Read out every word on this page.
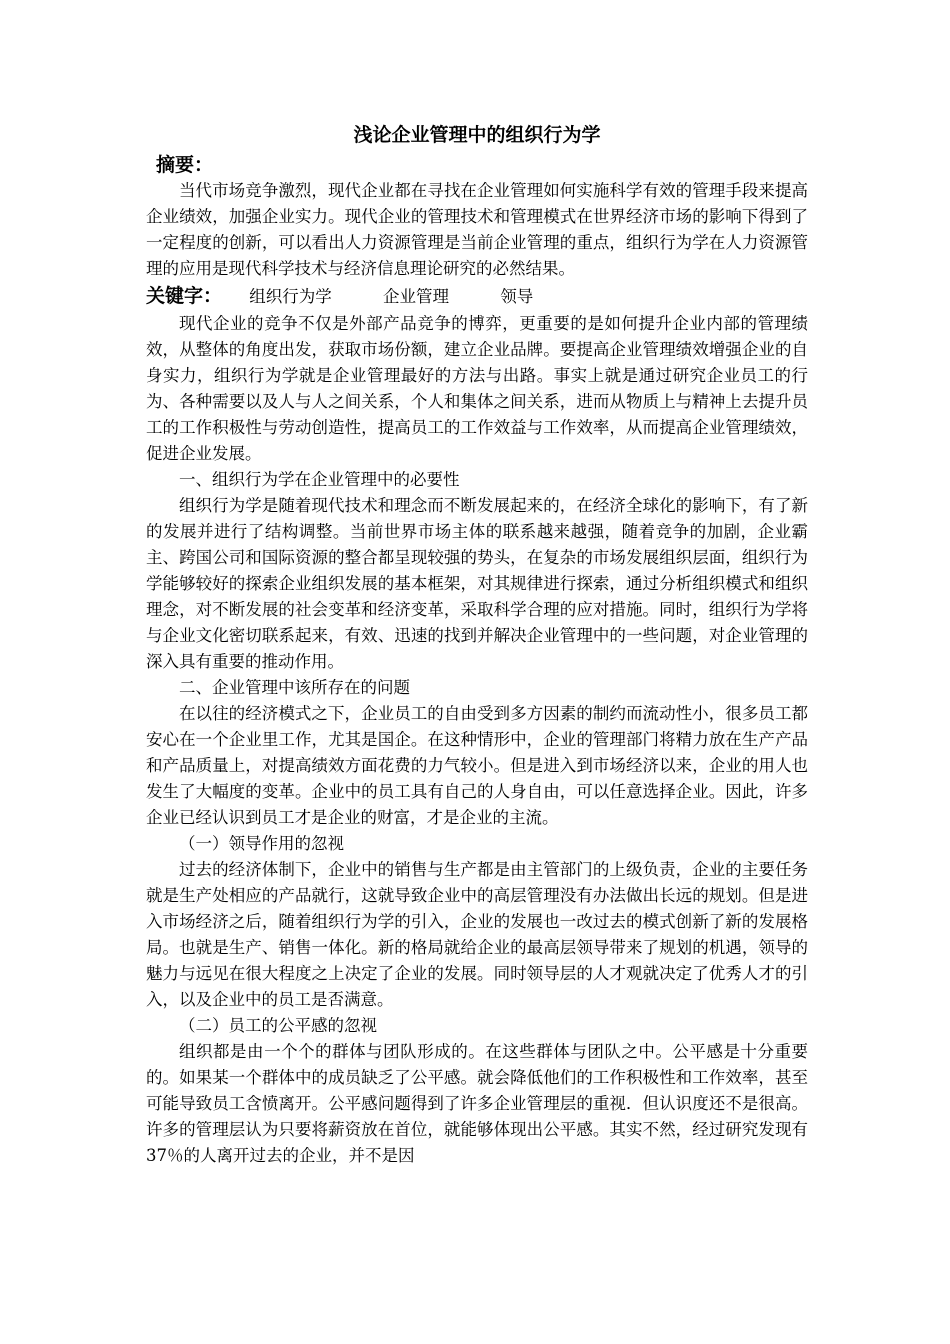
浅论企业管理中的组织行为学
摘要：

当代市场竞争激烈，现代企业都在寻找在企业管理如何实施科学有效的管理手段来提高企业绩效，加强企业实力。现代企业的管理技术和管理模式在世界经济市场的影响下得到了一定程度的创新，可以看出人力资源管理是当前企业管理的重点，组织行为学在人力资源管理的应用是现代科学技术与经济信息理论研究的必然结果。

关键字： 组织行为学	企业管理	领导

现代企业的竞争不仅是外部产品竞争的博弈，更重要的是如何提升企业内部的管理绩效，从整体的角度出发，获取市场份额，建立企业品牌。要提高企业管理绩效增强企业的自身实力，组织行为学就是企业管理最好的方法与出路。事实上就是通过研究企业员工的行为、各种需要以及人与人之间关系，个人和集体之间关系，进而从物质上与精神上去提升员工的工作积极性与劳动创造性，提高员工的工作效益与工作效率，从而提高企业管理绩效，促进企业发展。

一、组织行为学在企业管理中的必要性

组织行为学是随着现代技术和理念而不断发展起来的，在经济全球化的影响下，有了新的发展并进行了结构调整。当前世界市场主体的联系越来越强，随着竞争的加剧，企业霸主、跨国公司和国际资源的整合都呈现较强的势头，在复杂的市场发展组织层面，组织行为学能够较好的探索企业组织发展的基本框架，对其规律进行探索，通过分析组织模式和组织理念，对不断发展的社会变革和经济变革，采取科学合理的应对措施。同时，组织行为学将与企业文化密切联系起来，有效、迅速的找到并解决企业管理中的一些问题，对企业管理的深入具有重要的推动作用。

二、企业管理中该所存在的问题

在以往的经济模式之下，企业员工的自由受到多方因素的制约而流动性小，很多员工都安心在一个企业里工作，尤其是国企。在这种情形中，企业的管理部门将精力放在生产产品和产品质量上，对提高绩效方面花费的力气较小。但是进入到市场经济以来，企业的用人也发生了大幅度的变革。企业中的员工具有自己的人身自由，可以任意选择企业。因此，许多企业已经认识到员工才是企业的财富，才是企业的主流。

（一）领导作用的忽视

过去的经济体制下，企业中的销售与生产都是由主管部门的上级负责，企业的主要任务就是生产处相应的产品就行，这就导致企业中的高层管理没有办法做出长远的规划。但是进入市场经济之后，随着组织行为学的引入，企业的发展也一改过去的模式创新了新的发展格局。也就是生产、销售一体化。新的格局就给企业的最高层领导带来了规划的机遇，领导的魅力与远见在很大程度之上决定了企业的发展。同时领导层的人才观就决定了优秀人才的引入，以及企业中的员工是否满意。

（二）员工的公平感的忽视

组织都是由一个个的群体与团队形成的。在这些群体与团队之中。公平感是十分重要的。如果某一个群体中的成员缺乏了公平感。就会降低他们的工作积极性和工作效率，甚至可能导致员工含愤离开。公平感问题得到了许多企业管理层的重视．但认识度还不是很高。许多的管理层认为只要将薪资放在首位，就能够体现出公平感。其实不然，经过研究发现有37％的人离开过去的企业，并不是因
